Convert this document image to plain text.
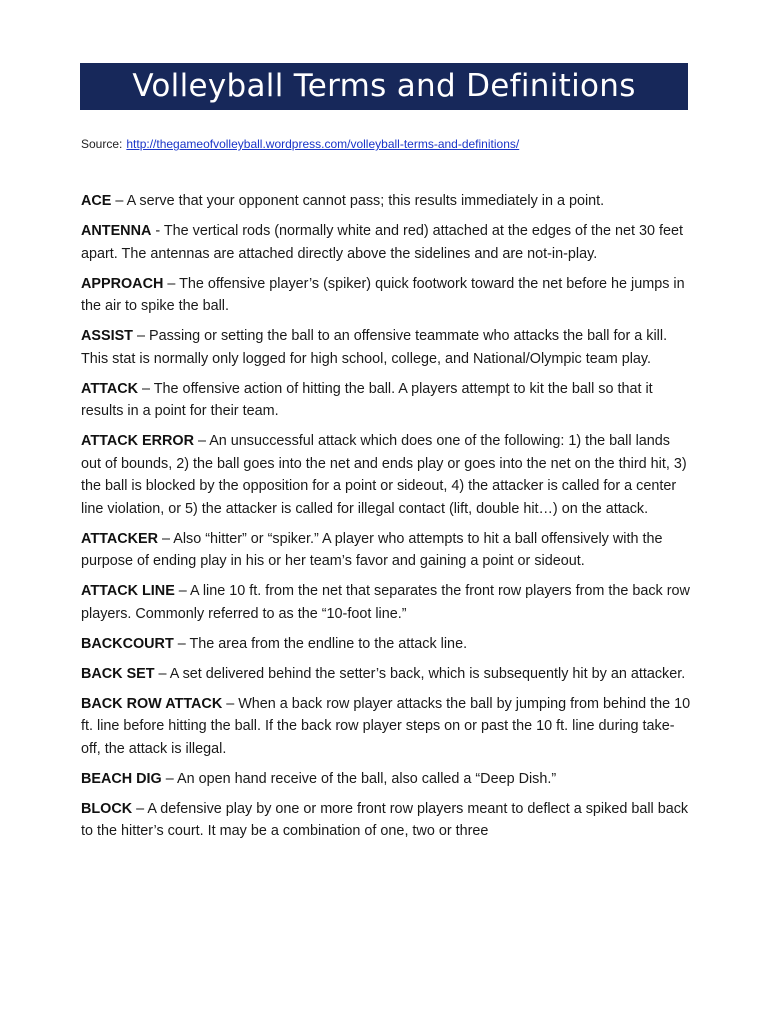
Volleyball Terms and Definitions
Source: http://thegameofvolleyball.wordpress.com/volleyball-terms-and-definitions/

ACE – A serve that your opponent cannot pass; this results immediately in a point.

ANTENNA - The vertical rods (normally white and red) attached at the edges of the net 30 feet apart. The antennas are attached directly above the sidelines and are not-in-play.

APPROACH – The offensive player’s (spiker) quick footwork toward the net before he jumps in the air to spike the ball.

ASSIST – Passing or setting the ball to an offensive teammate who attacks the ball for a kill. This stat is normally only logged for high school, college, and National/Olympic team play.

ATTACK – The offensive action of hitting the ball. A players attempt to kit the ball so that it results in a point for their team.

ATTACK ERROR – An unsuccessful attack which does one of the following: 1) the ball lands out of bounds, 2) the ball goes into the net and ends play or goes into the net on the third hit, 3) the ball is blocked by the opposition for a point or sideout, 4) the attacker is called for a center line violation, or 5) the attacker is called for illegal contact (lift, double hit…) on the attack.

ATTACKER – Also “hitter” or “spiker.” A player who attempts to hit a ball offensively with the purpose of ending play in his or her team’s favor and gaining a point or sideout.

ATTACK LINE – A line 10 ft. from the net that separates the front row players from the back row players. Commonly referred to as the “10-foot line.”

BACKCOURT – The area from the endline to the attack line.

BACK SET – A set delivered behind the setter’s back, which is subsequently hit by an attacker.

BACK ROW ATTACK – When a back row player attacks the ball by jumping from behind the 10 ft. line before hitting the ball. If the back row player steps on or past the 10 ft. line during take-off, the attack is illegal.

BEACH DIG – An open hand receive of the ball, also called a “Deep Dish.”

BLOCK – A defensive play by one or more front row players meant to deflect a spiked ball back to the hitter’s court. It may be a combination of one, two or three
